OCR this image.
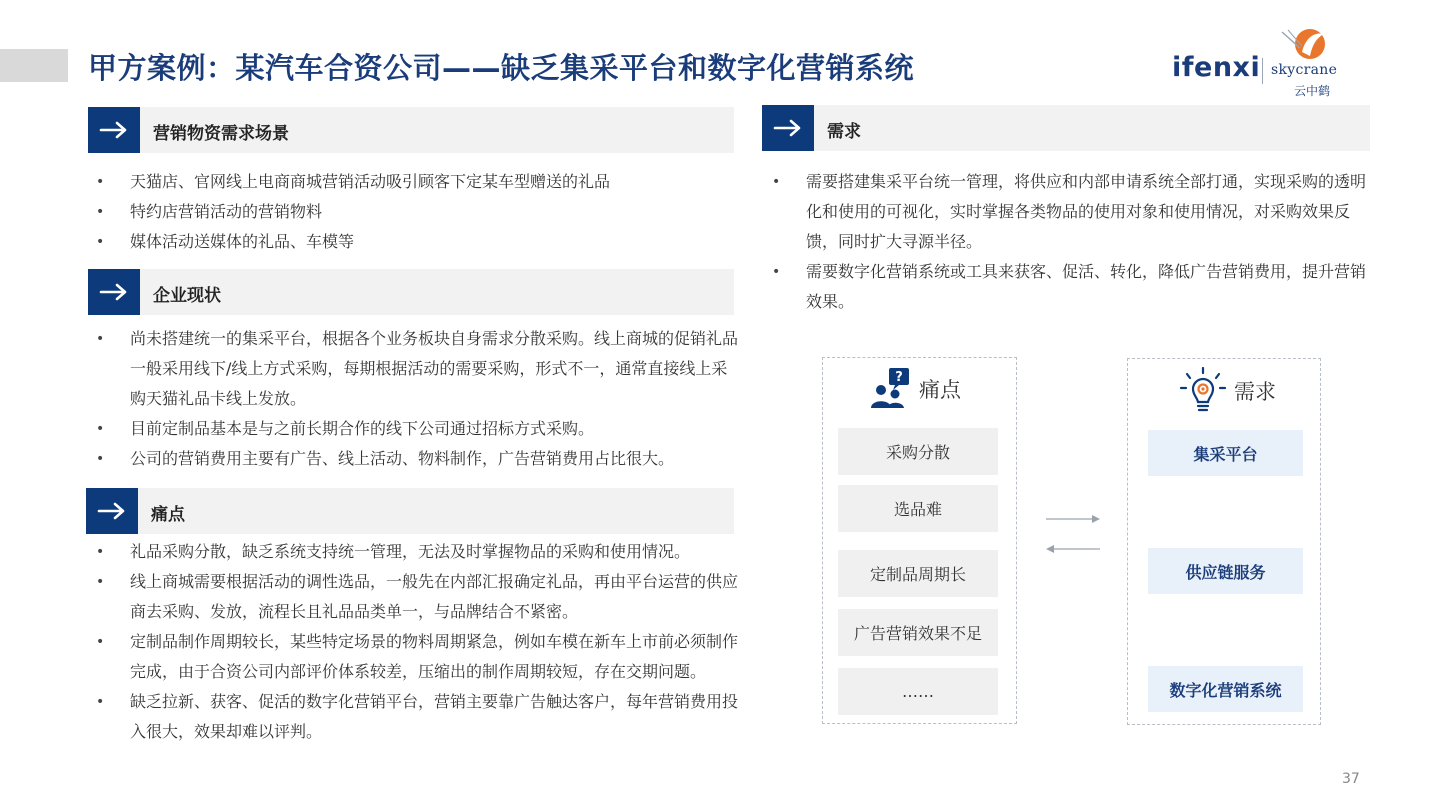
甲方案例：某汽车合资公司——缺乏集采平台和数字化营销系统	ifenxi skycrane
云中鹤
营销物资需求场景
• 天猫店、官网线上电商商城营销活动吸引顾客下定某车型赠送的礼品
• 特约店营销活动的营销物料
• 媒体活动送媒体的礼品、车模等
企业现状
• 尚未搭建统一的集采平台，根据各个业务板块自身需求分散采购。线上商城的促销礼品一般采用线下/线上方式采购，每期根据活动的需要采购，形式不一，通常直接线上采购天猫礼品卡线上发放。
• 目前定制品基本是与之前长期合作的线下公司通过招标方式采购。
• 公司的营销费用主要有广告、线上活动、物料制作，广告营销费用占比很大。
痛点
• 礼品采购分散，缺乏系统支持统一管理，无法及时掌握物品的采购和使用情况。
• 线上商城需要根据活动的调性选品，一般先在内部汇报确定礼品，再由平台运营的供应商去采购、发放，流程长且礼品品类单一，与品牌结合不紧密。
• 定制品制作周期较长，某些特定场景的物料周期紧急，例如车模在新车上市前必须制作完成，由于合资公司内部评价体系较差，压缩出的制作周期较短，存在交期问题。
• 缺乏拉新、获客、促活的数字化营销平台，营销主要靠广告触达客户，每年营销费用投入很大，效果却难以评判。
需求
• 需要搭建集采平台统一管理，将供应和内部申请系统全部打通，实现采购的透明化和使用的可视化，实时掌握各类物品的使用对象和使用情况，对采购效果反馈，同时扩大寻源半径。
• 需要数字化营销系统或工具来获客、促活、转化，降低广告营销费用，提升营销效果。
?
痛点
采购分散
选品难
定制品周期长
广告营销效果不足
……
需求
集采平台
供应链服务
数字化营销系统
37
